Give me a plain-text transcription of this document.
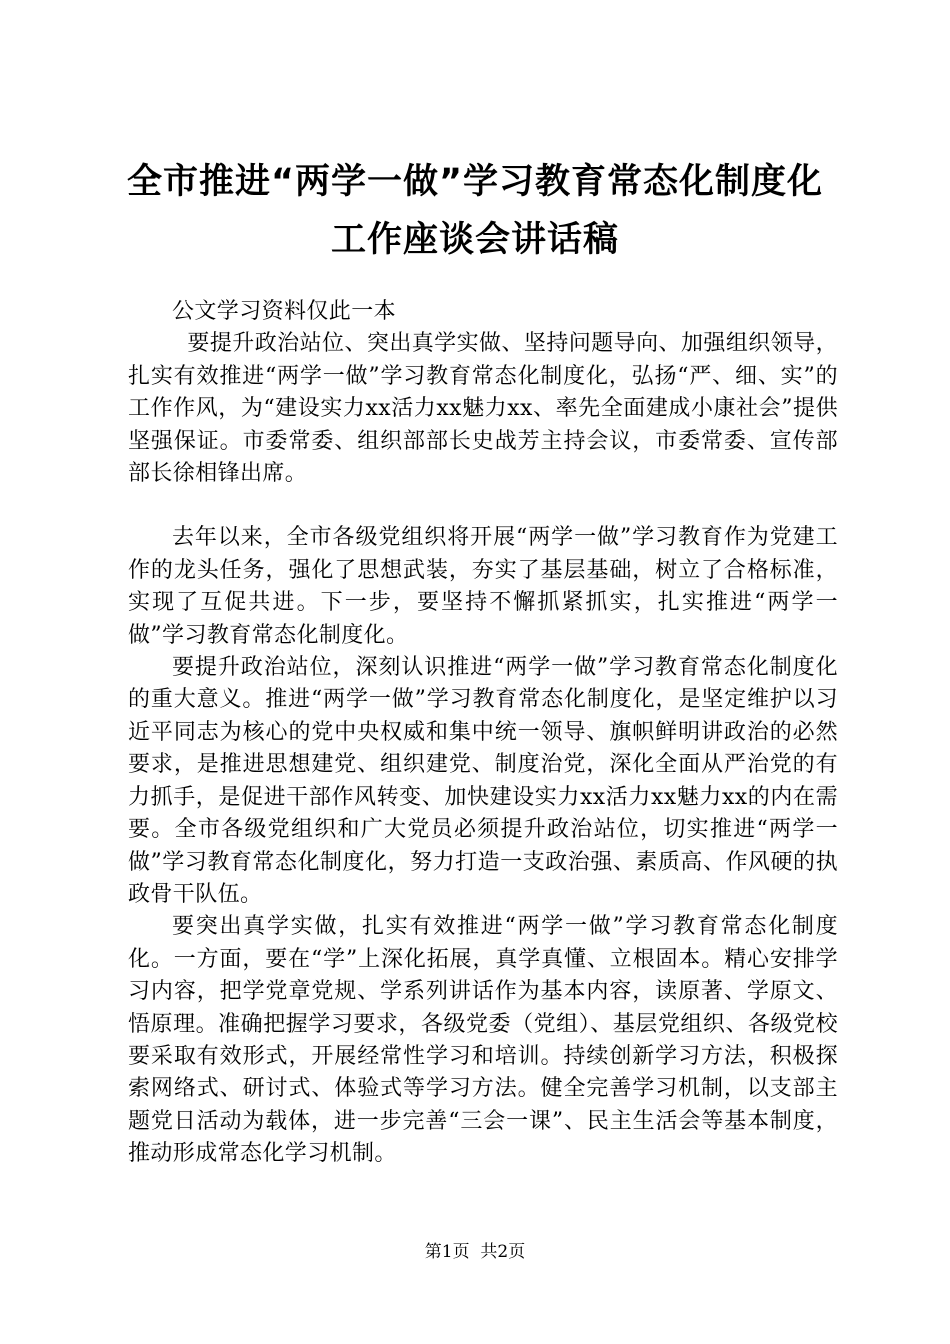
全市推进“两学一做”学习教育常态化制度化
工作座谈会讲话稿

公文学习资料仅此一本

要提升政治站位、突出真学实做、坚持问题导向、加强组织领导，扎实有效推进“两学一做”学习教育常态化制度化，弘扬“严、细、实”的工作作风，为“建设实力xx活力xx魅力xx、率先全面建成小康社会”提供坚强保证。市委常委、组织部部长史战芳主持会议，市委常委、宣传部部长徐相锋出席。

去年以来，全市各级党组织将开展“两学一做”学习教育作为党建工作的龙头任务，强化了思想武装，夯实了基层基础，树立了合格标准，实现了互促共进。下一步，要坚持不懈抓紧抓实，扎实推进“两学一做”学习教育常态化制度化。

要提升政治站位，深刻认识推进“两学一做”学习教育常态化制度化的重大意义。推进“两学一做”学习教育常态化制度化，是坚定维护以习近平同志为核心的党中央权威和集中统一领导、旗帜鲜明讲政治的必然要求，是推进思想建党、组织建党、制度治党，深化全面从严治党的有力抓手，是促进干部作风转变、加快建设实力xx活力xx魅力xx的内在需要。全市各级党组织和广大党员必须提升政治站位，切实推进“两学一做”学习教育常态化制度化，努力打造一支政治强、素质高、作风硬的执政骨干队伍。

要突出真学实做，扎实有效推进“两学一做”学习教育常态化制度化。一方面，要在“学”上深化拓展，真学真懂、立根固本。精心安排学习内容，把学党章党规、学系列讲话作为基本内容，读原著、学原文、悟原理。准确把握学习要求，各级党委（党组）、基层党组织、各级党校要采取有效形式，开展经常性学习和培训。持续创新学习方法，积极探索网络式、研讨式、体验式等学习方法。健全完善学习机制，以支部主题党日活动为载体，进一步完善“三会一课”、民主生活会等基本制度，推动形成常态化学习机制。

第1页  共2页
